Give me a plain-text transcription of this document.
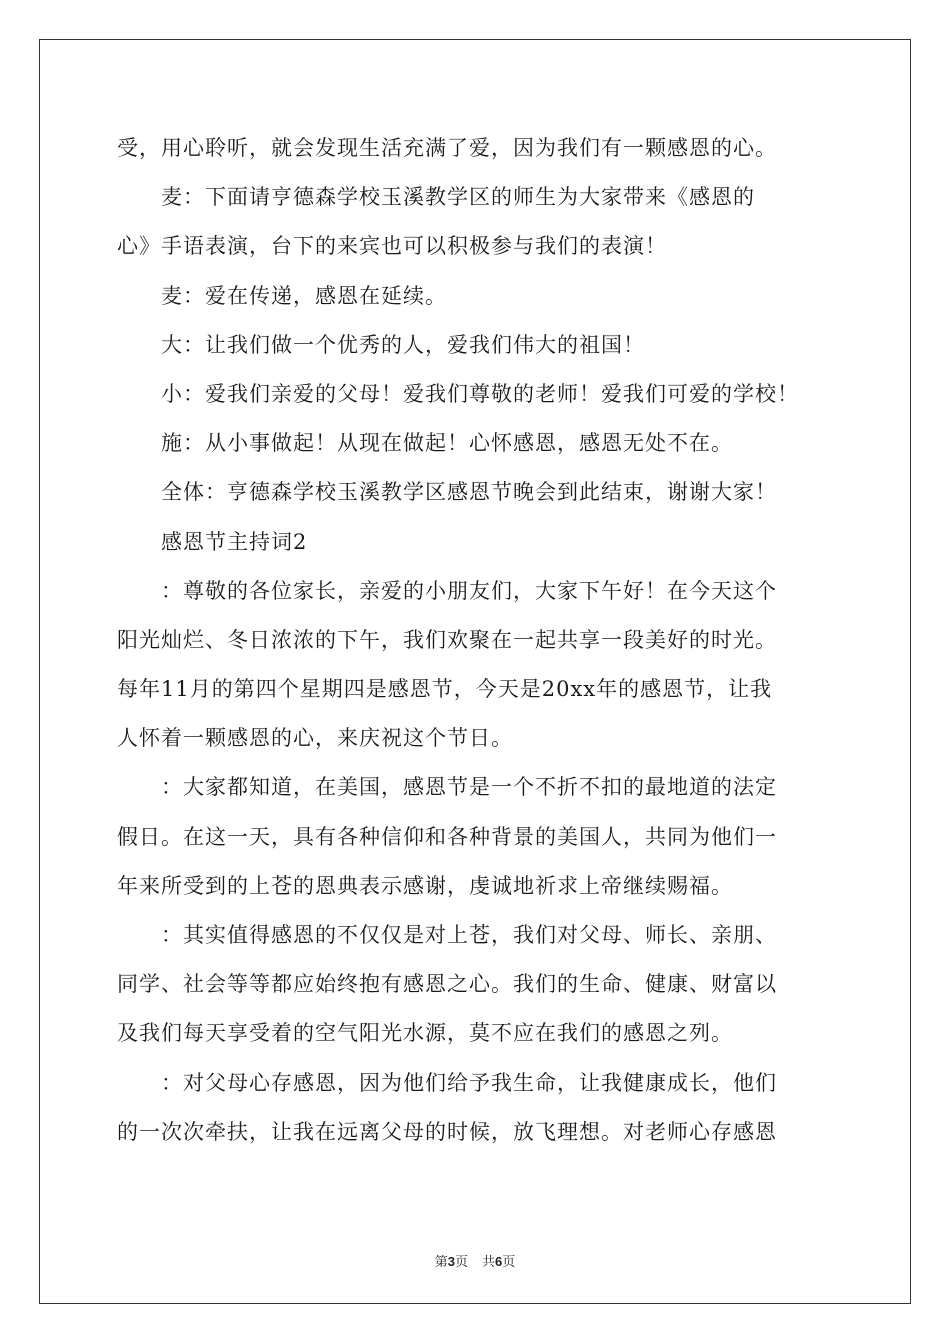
受，用心聆听，就会发现生活充满了爱，因为我们有一颗感恩的心。
麦：下面请亨德森学校玉溪教学区的师生为大家带来《感恩的
心》手语表演，台下的来宾也可以积极参与我们的表演！
麦：爱在传递，感恩在延续。
大：让我们做一个优秀的人，爱我们伟大的祖国！
小：爱我们亲爱的父母！爱我们尊敬的老师！爱我们可爱的学校！
施：从小事做起！从现在做起！心怀感恩，感恩无处不在。
全体：亨德森学校玉溪教学区感恩节晚会到此结束，谢谢大家！
感恩节主持词2
：尊敬的各位家长，亲爱的小朋友们，大家下午好！在今天这个
阳光灿烂、冬日浓浓的下午，我们欢聚在一起共享一段美好的时光。
每年11月的第四个星期四是感恩节，今天是20xx年的感恩节，让我
人怀着一颗感恩的心，来庆祝这个节日。
：大家都知道，在美国，感恩节是一个不折不扣的最地道的法定
假日。在这一天，具有各种信仰和各种背景的美国人，共同为他们一
年来所受到的上苍的恩典表示感谢，虔诚地祈求上帝继续赐福。
：其实值得感恩的不仅仅是对上苍，我们对父母、师长、亲朋、
同学、社会等等都应始终抱有感恩之心。我们的生命、健康、财富以
及我们每天享受着的空气阳光水源，莫不应在我们的感恩之列。
：对父母心存感恩，因为他们给予我生命，让我健康成长，他们
的一次次牵扶，让我在远离父母的时候，放飞理想。对老师心存感恩
第3页 共6页
